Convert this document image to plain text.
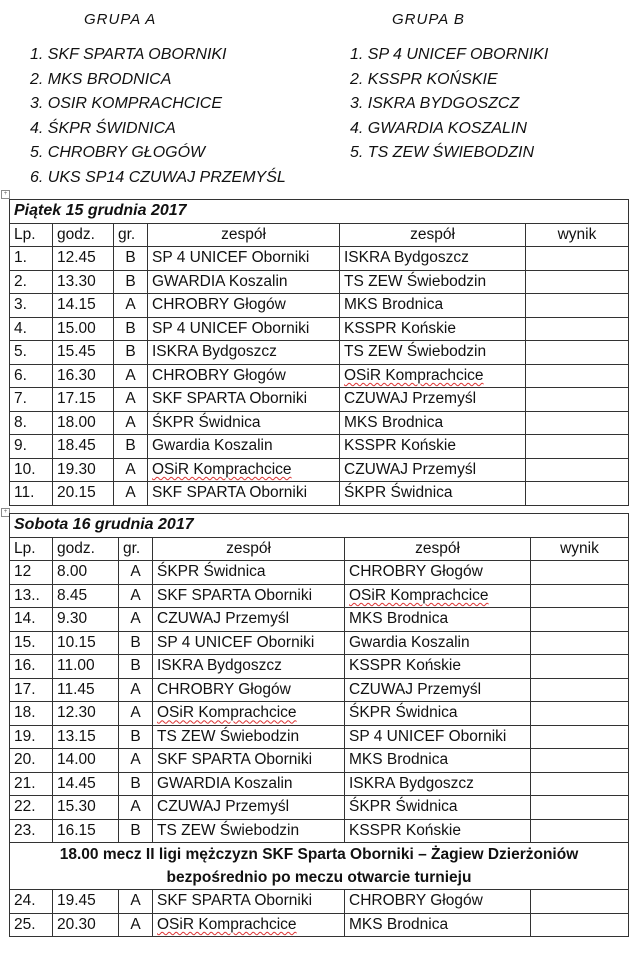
GRUPA A
1. SKF SPARTA OBORNIKI
2. MKS BRODNICA
3. OSIR KOMPRACHCICE
4. ŚKPR ŚWIDNICA
5. CHROBRY GŁOGÓW
6. UKS SP14 CZUWAJ PRZEMYŚL
GRUPA B
1. SP 4 UNICEF OBORNIKI
2. KSSPR KOŃSKIE
3. ISKRA BYDGOSZCZ
4. GWARDIA KOSZALIN
5. TS ZEW ŚWIEBODZIN
+
Piątek 15 grudnia 2017					
Lp.	godz.	gr.	zespół	zespół	wynik
1.	12.45	B	SP 4 UNICEF Oborniki	ISKRA Bydgoszcz	
2.	13.30	B	GWARDIA Koszalin	TS ZEW Świebodzin	
3.	14.15	A	CHROBRY Głogów	MKS Brodnica	
4.	15.00	B	SP 4 UNICEF Oborniki	KSSPR Końskie	
5.	15.45	B	ISKRA Bydgoszcz	TS ZEW Świebodzin	
6.	16.30	A	CHROBRY Głogów	OSiR Komprachcice	
7.	17.15	A	SKF SPARTA Oborniki	CZUWAJ Przemyśl	
8.	18.00	A	ŚKPR Świdnica	MKS Brodnica	
9.	18.45	B	Gwardia Koszalin	KSSPR Końskie	
10.	19.30	A	OSiR Komprachcice	CZUWAJ Przemyśl	
11.	20.15	A	SKF SPARTA Oborniki	ŚKPR Świdnica	
+
Sobota 16 grudnia 2017					
Lp.	godz.	gr.	zespół	zespół	wynik
12	8.00	A	ŚKPR Świdnica	CHROBRY Głogów	
13..	8.45	A	SKF SPARTA Oborniki	OSiR Komprachcice	
14.	9.30	A	CZUWAJ Przemyśl	MKS Brodnica	
15.	10.15	B	SP 4 UNICEF Oborniki	Gwardia Koszalin	
16.	11.00	B	ISKRA Bydgoszcz	KSSPR Końskie	
17.	11.45	A	CHROBRY Głogów	CZUWAJ Przemyśl	
18.	12.30	A	OSiR Komprachcice	ŚKPR Świdnica	
19.	13.15	B	TS ZEW Świebodzin	SP 4 UNICEF Oborniki	
20.	14.00	A	SKF SPARTA Oborniki	MKS Brodnica	
21.	14.45	B	GWARDIA Koszalin	ISKRA Bydgoszcz	
22.	15.30	A	CZUWAJ Przemyśl	ŚKPR Świdnica	
23.	16.15	B	TS ZEW Świebodzin	KSSPR Końskie	

18.00 mecz II ligi mężczyzn SKF Sparta Oborniki – Żagiew Dzierżoniów
bezpośrednio po meczu otwarcie turnieju					

24.	19.45	A	SKF SPARTA Oborniki	CHROBRY Głogów	
25.	20.30	A	OSiR Komprachcice	MKS Brodnica	
